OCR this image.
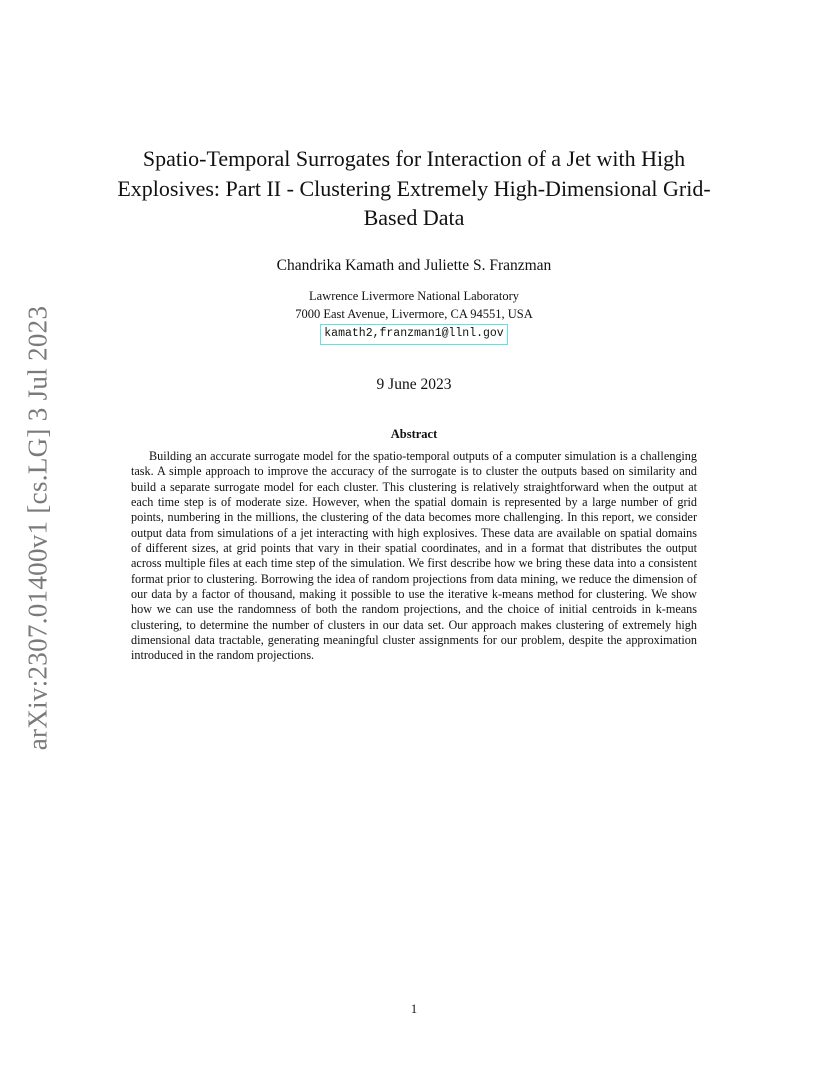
arXiv:2307.01400v1 [cs.LG] 3 Jul 2023
Spatio-Temporal Surrogates for Interaction of a Jet with High Explosives: Part II - Clustering Extremely High-Dimensional Grid-Based Data
Chandrika Kamath and Juliette S. Franzman
Lawrence Livermore National Laboratory
7000 East Avenue, Livermore, CA 94551, USA
kamath2,franzman1@llnl.gov
9 June 2023
Abstract

Building an accurate surrogate model for the spatio-temporal outputs of a computer simulation is a challenging task. A simple approach to improve the accuracy of the surrogate is to cluster the outputs based on similarity and build a separate surrogate model for each cluster. This clustering is relatively straightforward when the output at each time step is of moderate size. However, when the spatial domain is represented by a large number of grid points, numbering in the millions, the clustering of the data becomes more challenging. In this report, we consider output data from simulations of a jet interacting with high explosives. These data are available on spatial domains of different sizes, at grid points that vary in their spatial coordinates, and in a format that distributes the output across multiple files at each time step of the simulation. We first describe how we bring these data into a consistent format prior to clustering. Borrowing the idea of random projections from data mining, we reduce the dimension of our data by a factor of thousand, making it possible to use the iterative k-means method for clustering. We show how we can use the randomness of both the random projections, and the choice of initial centroids in k-means clustering, to determine the number of clusters in our data set. Our approach makes clustering of extremely high dimensional data tractable, generating meaningful cluster assignments for our problem, despite the approximation introduced in the random projections.

1
